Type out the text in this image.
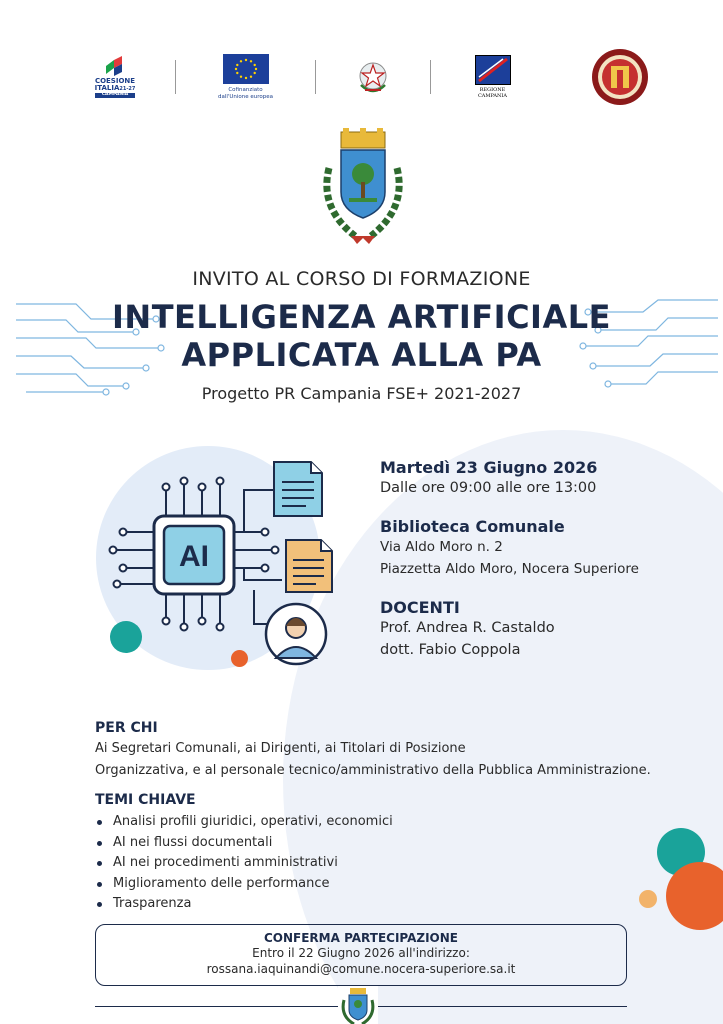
COESIONE
ITALIA21-27
CAMPANIA
Cofinanziato
dall'Unione europea
REGIONE CAMPANIA
INVITO AL CORSO DI FORMAZIONE
INTELLIGENZA ARTIFICIALE
APPLICATA ALLA PA
Progetto PR Campania FSE+ 2021-2027
AI
Martedì 23 Giugno 2026
Dalle ore 09:00 alle ore 13:00
Biblioteca Comunale
Via Aldo Moro n. 2
Piazzetta Aldo Moro, Nocera Superiore
DOCENTI
Prof. Andrea R. Castaldo
dott. Fabio Coppola
PER CHI
Ai Segretari Comunali, ai Dirigenti, ai Titolari di Posizione
Organizzativa, e al personale tecnico/amministrativo della Pubblica Amministrazione.
TEMI CHIAVE
Analisi profili giuridici, operativi, economici
AI nei flussi documentali
AI nei procedimenti amministrativi
Miglioramento delle performance
Trasparenza
CONFERMA PARTECIPAZIONE
Entro il 22 Giugno 2026 all'indirizzo:
rossana.iaquinandi@comune.nocera-superiore.sa.it
